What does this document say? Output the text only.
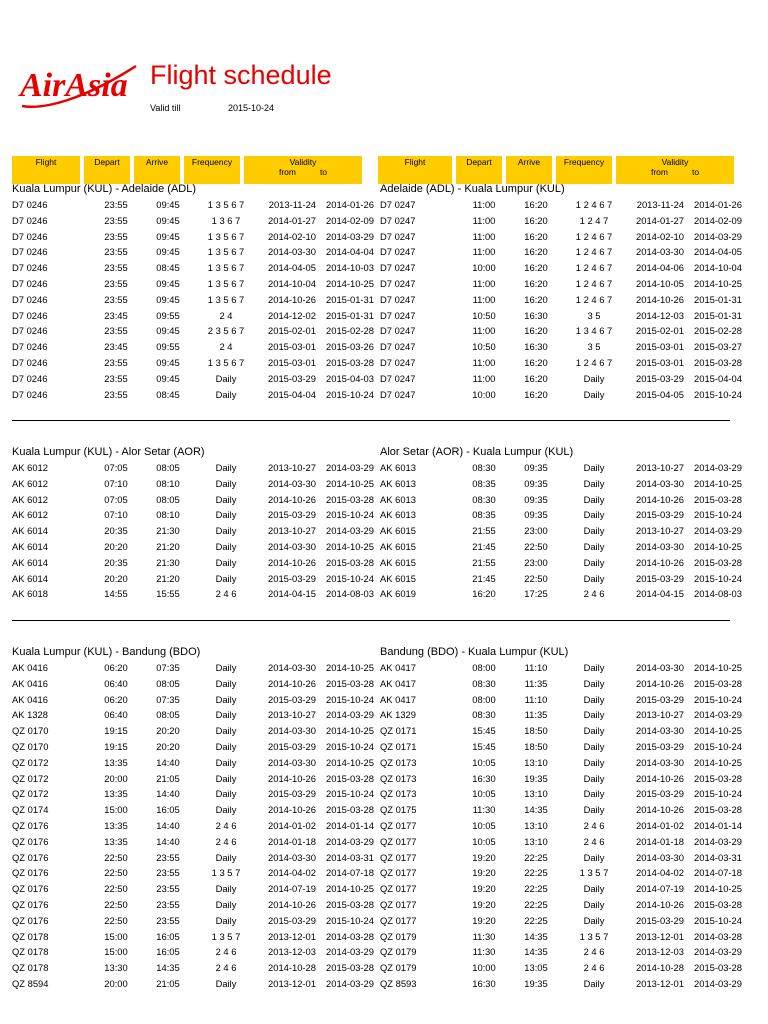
AirAsia Flight schedule
Valid till	2015-10-24
Flight	Depart	Arrive	Frequency	Validity
from	to
Flight	Depart	Arrive	Frequency	Validity
from	to
Kuala Lumpur (KUL) - Adelaide (ADL)
D7 0246	23:55	09:45	1 3 5 6 7	2013-11-24	2014-01-26
D7 0246	23:55	09:45	1 3 6 7	2014-01-27	2014-02-09
D7 0246	23:55	09:45	1 3 5 6 7	2014-02-10	2014-03-29
D7 0246	23:55	09:45	1 3 5 6 7	2014-03-30	2014-04-04
D7 0246	23:55	08:45	1 3 5 6 7	2014-04-05	2014-10-03
D7 0246	23:55	09:45	1 3 5 6 7	2014-10-04	2014-10-25
D7 0246	23:55	09:45	1 3 5 6 7	2014-10-26	2015-01-31
D7 0246	23:45	09:55	2 4	2014-12-02	2015-01-31
D7 0246	23:55	09:45	2 3 5 6 7	2015-02-01	2015-02-28
D7 0246	23:45	09:55	2 4	2015-03-01	2015-03-26
D7 0246	23:55	09:45	1 3 5 6 7	2015-03-01	2015-03-28
D7 0246	23:55	09:45	Daily	2015-03-29	2015-04-03
D7 0246	23:55	08:45	Daily	2015-04-04	2015-10-24
Adelaide (ADL) - Kuala Lumpur (KUL)
D7 0247	11:00	16:20	1 2 4 6 7	2013-11-24	2014-01-26
D7 0247	11:00	16:20	1 2 4 7	2014-01-27	2014-02-09
D7 0247	11:00	16:20	1 2 4 6 7	2014-02-10	2014-03-29
D7 0247	11:00	16:20	1 2 4 6 7	2014-03-30	2014-04-05
D7 0247	10:00	16:20	1 2 4 6 7	2014-04-06	2014-10-04
D7 0247	11:00	16:20	1 2 4 6 7	2014-10-05	2014-10-25
D7 0247	11:00	16:20	1 2 4 6 7	2014-10-26	2015-01-31
D7 0247	10:50	16:30	3 5	2014-12-03	2015-01-31
D7 0247	11:00	16:20	1 3 4 6 7	2015-02-01	2015-02-28
D7 0247	10:50	16:30	3 5	2015-03-01	2015-03-27
D7 0247	11:00	16:20	1 2 4 6 7	2015-03-01	2015-03-28
D7 0247	11:00	16:20	Daily	2015-03-29	2015-04-04
D7 0247	10:00	16:20	Daily	2015-04-05	2015-10-24
Kuala Lumpur (KUL) - Alor Setar (AOR)
AK 6012	07:05	08:05	Daily	2013-10-27	2014-03-29
AK 6012	07:10	08:10	Daily	2014-03-30	2014-10-25
AK 6012	07:05	08:05	Daily	2014-10-26	2015-03-28
AK 6012	07:10	08:10	Daily	2015-03-29	2015-10-24
AK 6014	20:35	21:30	Daily	2013-10-27	2014-03-29
AK 6014	20:20	21:20	Daily	2014-03-30	2014-10-25
AK 6014	20:35	21:30	Daily	2014-10-26	2015-03-28
AK 6014	20:20	21:20	Daily	2015-03-29	2015-10-24
AK 6018	14:55	15:55	2 4 6	2014-04-15	2014-08-03
Alor Setar (AOR) - Kuala Lumpur (KUL)
AK 6013	08:30	09:35	Daily	2013-10-27	2014-03-29
AK 6013	08:35	09:35	Daily	2014-03-30	2014-10-25
AK 6013	08:30	09:35	Daily	2014-10-26	2015-03-28
AK 6013	08:35	09:35	Daily	2015-03-29	2015-10-24
AK 6015	21:55	23:00	Daily	2013-10-27	2014-03-29
AK 6015	21:45	22:50	Daily	2014-03-30	2014-10-25
AK 6015	21:55	23:00	Daily	2014-10-26	2015-03-28
AK 6015	21:45	22:50	Daily	2015-03-29	2015-10-24
AK 6019	16:20	17:25	2 4 6	2014-04-15	2014-08-03
Kuala Lumpur (KUL) - Bandung (BDO)
AK 0416	06:20	07:35	Daily	2014-03-30	2014-10-25
AK 0416	06:40	08:05	Daily	2014-10-26	2015-03-28
AK 0416	06:20	07:35	Daily	2015-03-29	2015-10-24
AK 1328	06:40	08:05	Daily	2013-10-27	2014-03-29
QZ 0170	19:15	20:20	Daily	2014-03-30	2014-10-25
QZ 0170	19:15	20:20	Daily	2015-03-29	2015-10-24
QZ 0172	13:35	14:40	Daily	2014-03-30	2014-10-25
QZ 0172	20:00	21:05	Daily	2014-10-26	2015-03-28
QZ 0172	13:35	14:40	Daily	2015-03-29	2015-10-24
QZ 0174	15:00	16:05	Daily	2014-10-26	2015-03-28
QZ 0176	13:35	14:40	2 4 6	2014-01-02	2014-01-14
QZ 0176	13:35	14:40	2 4 6	2014-01-18	2014-03-29
QZ 0176	22:50	23:55	Daily	2014-03-30	2014-03-31
QZ 0176	22:50	23:55	1 3 5 7	2014-04-02	2014-07-18
QZ 0176	22:50	23:55	Daily	2014-07-19	2014-10-25
QZ 0176	22:50	23:55	Daily	2014-10-26	2015-03-28
QZ 0176	22:50	23:55	Daily	2015-03-29	2015-10-24
QZ 0178	15:00	16:05	1 3 5 7	2013-12-01	2014-03-28
QZ 0178	15:00	16:05	2 4 6	2013-12-03	2014-03-29
QZ 0178	13:30	14:35	2 4 6	2014-10-28	2015-03-28
QZ 8594	20:00	21:05	Daily	2013-12-01	2014-03-29
Bandung (BDO) - Kuala Lumpur (KUL)
AK 0417	08:00	11:10	Daily	2014-03-30	2014-10-25
AK 0417	08:30	11:35	Daily	2014-10-26	2015-03-28
AK 0417	08:00	11:10	Daily	2015-03-29	2015-10-24
AK 1329	08:30	11:35	Daily	2013-10-27	2014-03-29
QZ 0171	15:45	18:50	Daily	2014-03-30	2014-10-25
QZ 0171	15:45	18:50	Daily	2015-03-29	2015-10-24
QZ 0173	10:05	13:10	Daily	2014-03-30	2014-10-25
QZ 0173	16:30	19:35	Daily	2014-10-26	2015-03-28
QZ 0173	10:05	13:10	Daily	2015-03-29	2015-10-24
QZ 0175	11:30	14:35	Daily	2014-10-26	2015-03-28
QZ 0177	10:05	13:10	2 4 6	2014-01-02	2014-01-14
QZ 0177	10:05	13:10	2 4 6	2014-01-18	2014-03-29
QZ 0177	19:20	22:25	Daily	2014-03-30	2014-03-31
QZ 0177	19:20	22:25	1 3 5 7	2014-04-02	2014-07-18
QZ 0177	19:20	22:25	Daily	2014-07-19	2014-10-25
QZ 0177	19:20	22:25	Daily	2014-10-26	2015-03-28
QZ 0177	19:20	22:25	Daily	2015-03-29	2015-10-24
QZ 0179	11:30	14:35	1 3 5 7	2013-12-01	2014-03-28
QZ 0179	11:30	14:35	2 4 6	2013-12-03	2014-03-29
QZ 0179	10:00	13:05	2 4 6	2014-10-28	2015-03-28
QZ 8593	16:30	19:35	Daily	2013-12-01	2014-03-29
